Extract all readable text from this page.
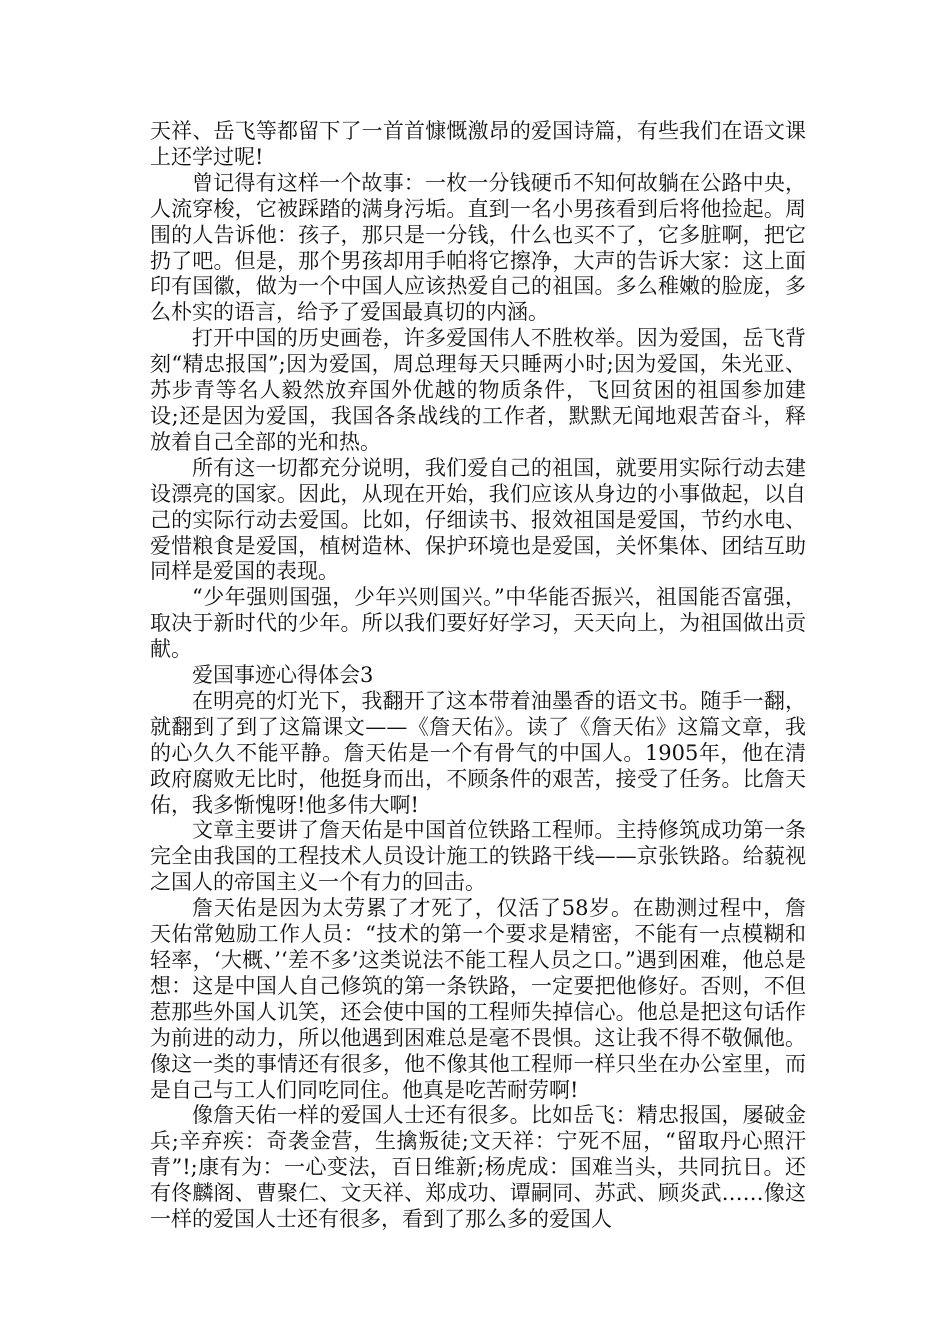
天祥、岳飞等都留下了一首首慷慨激昂的爱国诗篇，有些我们在语文课上还学过呢!

曾记得有这样一个故事：一枚一分钱硬币不知何故躺在公路中央，人流穿梭，它被踩踏的满身污垢。直到一名小男孩看到后将他捡起。周围的人告诉他：孩子，那只是一分钱，什么也买不了，它多脏啊，把它扔了吧。但是，那个男孩却用手帕将它擦净，大声的告诉大家：这上面印有国徽，做为一个中国人应该热爱自己的祖国。多么稚嫩的脸庞，多么朴实的语言，给予了爱国最真切的内涵。

打开中国的历史画卷，许多爱国伟人不胜枚举。因为爱国，岳飞背刻“精忠报国”;因为爱国，周总理每天只睡两小时;因为爱国，朱光亚、苏步青等名人毅然放弃国外优越的物质条件，飞回贫困的祖国参加建设;还是因为爱国，我国各条战线的工作者，默默无闻地艰苦奋斗，释放着自己全部的光和热。

所有这一切都充分说明，我们爱自己的祖国，就要用实际行动去建设漂亮的国家。因此，从现在开始，我们应该从身边的小事做起，以自己的实际行动去爱国。比如，仔细读书、报效祖国是爱国，节约水电、爱惜粮食是爱国，植树造林、保护环境也是爱国，关怀集体、团结互助同样是爱国的表现。

“少年强则国强，少年兴则国兴。”中华能否振兴，祖国能否富强，取决于新时代的少年。所以我们要好好学习，天天向上，为祖国做出贡献。

爱国事迹心得体会3

在明亮的灯光下，我翻开了这本带着油墨香的语文书。随手一翻，就翻到了到了这篇课文——《詹天佑》。读了《詹天佑》这篇文章，我的心久久不能平静。詹天佑是一个有骨气的中国人。1905年，他在清政府腐败无比时，他挺身而出，不顾条件的艰苦，接受了任务。比詹天佑，我多惭愧呀!他多伟大啊!

文章主要讲了詹天佑是中国首位铁路工程师。主持修筑成功第一条完全由我国的工程技术人员设计施工的铁路干线——京张铁路。给藐视之国人的帝国主义一个有力的回击。

詹天佑是因为太劳累了才死了，仅活了58岁。在勘测过程中，詹天佑常勉励工作人员：“技术的第一个要求是精密，不能有一点模糊和轻率，‘大概、’‘差不多’这类说法不能工程人员之口。”遇到困难，他总是想：这是中国人自己修筑的第一条铁路，一定要把他修好。否则，不但惹那些外国人讥笑，还会使中国的工程师失掉信心。他总是把这句话作为前进的动力，所以他遇到困难总是毫不畏惧。这让我不得不敬佩他。像这一类的事情还有很多，他不像其他工程师一样只坐在办公室里，而是自己与工人们同吃同住。他真是吃苦耐劳啊!

像詹天佑一样的爱国人士还有很多。比如岳飞：精忠报国，屡破金兵;辛弃疾：奇袭金营，生擒叛徒;文天祥：宁死不屈，“留取丹心照汗青”!;康有为：一心变法，百日维新;杨虎成：国难当头，共同抗日。还有佟麟阁、曹聚仁、文天祥、郑成功、谭嗣同、苏武、顾炎武……像这一样的爱国人士还有很多，看到了那么多的爱国人
